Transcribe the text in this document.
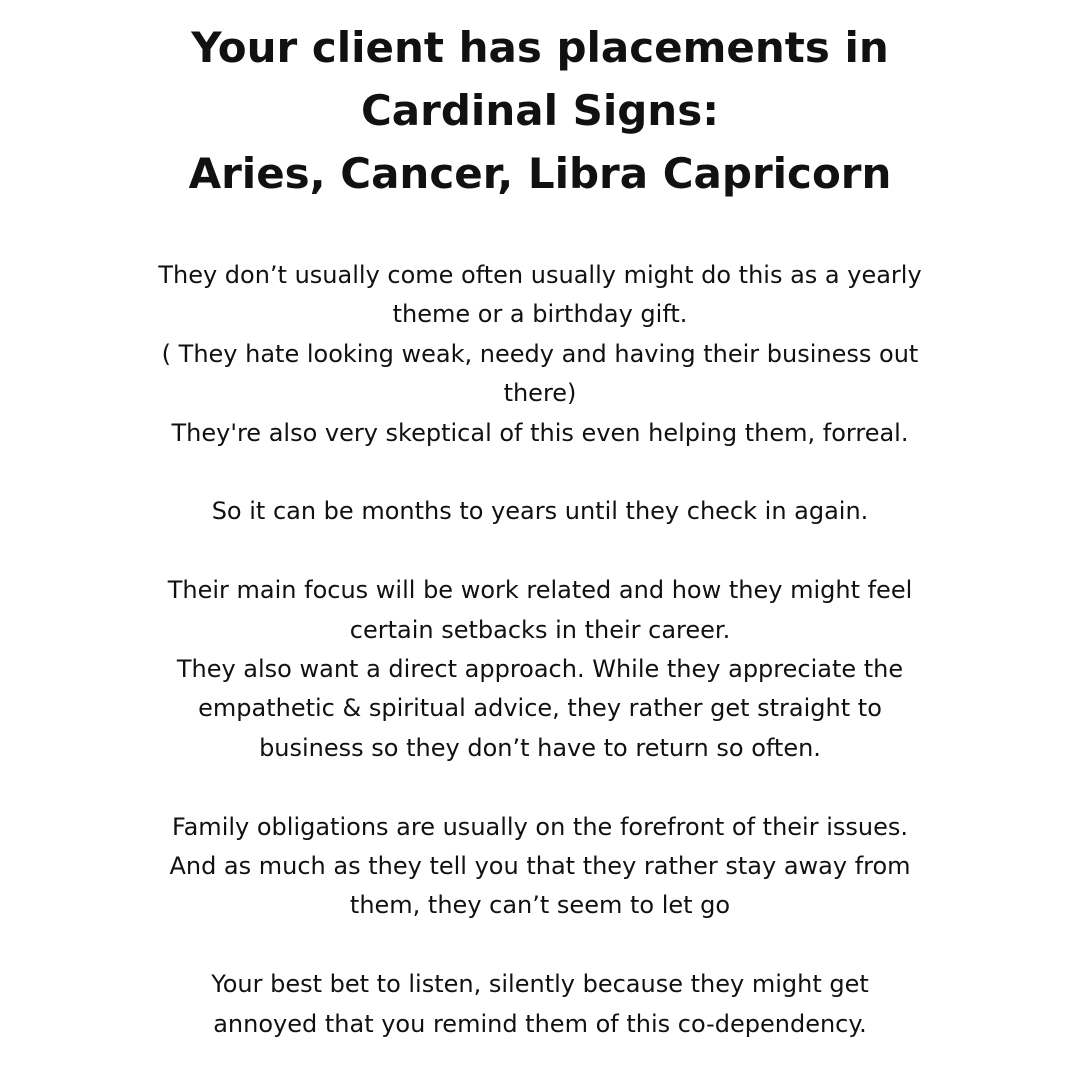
Your client has placements in
Cardinal Signs:
Aries, Cancer, Libra Capricorn
They don’t usually come often usually might do this as a yearly
theme or a birthday gift.
( They hate looking weak, needy and having their business out
there)
They're also very skeptical of this even helping them, forreal.
So it can be months to years until they check in again.
Their main focus will be work related and how they might feel
certain setbacks in their career.
They also want a direct approach. While they appreciate the
empathetic & spiritual advice, they rather get straight to
business so they don’t have to return so often.
Family obligations are usually on the forefront of their issues.
And as much as they tell you that they rather stay away from
them, they can’t seem to let go
Your best bet to listen, silently because they might get
annoyed that you remind them of this co-dependency.
